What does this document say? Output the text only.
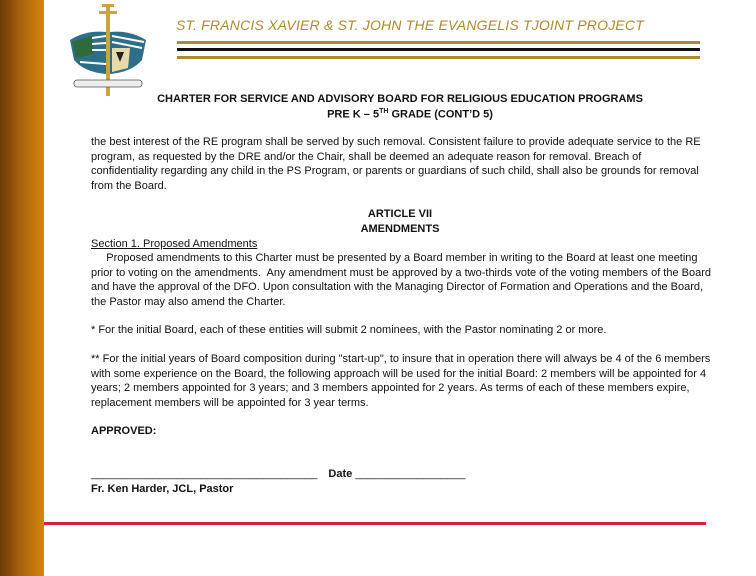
ST. FRANCIS XAVIER & ST. JOHN THE EVANGELIS TJOINT PROJECT
CHARTER FOR SERVICE AND ADVISORY BOARD FOR RELIGIOUS EDUCATION PROGRAMS
PRE K – 5TH GRADE (CONT’D 5)
the best interest of the RE program shall be served by such removal. Consistent failure to provide adequate service to the RE program, as requested by the DRE and/or the Chair, shall be deemed an adequate reason for removal. Breach of confidentiality regarding any child in the PS Program, or parents or guardians of such child, shall also be grounds for removal from the Board.
ARTICLE VII
AMENDMENTS
Section 1. Proposed Amendments
Proposed amendments to this Charter must be presented by a Board member in writing to the Board at least one meeting prior to voting on the amendments.  Any amendment must be approved by a two-thirds vote of the voting members of the Board and have the approval of the DFO. Upon consultation with the Managing Director of Formation and Operations and the Board, the Pastor may also amend the Charter.
* For the initial Board, each of these entities will submit 2 nominees, with the Pastor nominating 2 or more.
** For the initial years of Board composition during "start-up", to insure that in operation there will always be 4 of the 6 members with some experience on the Board, the following approach will be used for the initial Board: 2 members will be appointed for 4 years; 2 members appointed for 3 years; and 3 members appointed for 2 years. As terms of each of these members expire, replacement members will be appointed for 3 year terms.
APPROVED:
_____________________________________ Date __________________
Fr. Ken Harder, JCL, Pastor
